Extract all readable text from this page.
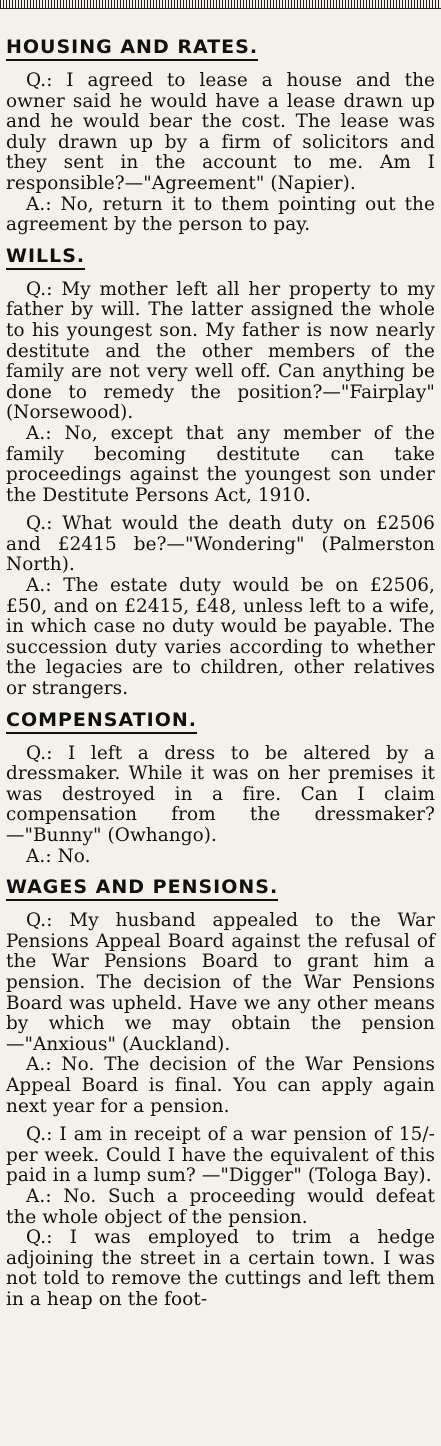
HOUSING AND RATES.

Q.: I agreed to lease a house and the owner said he would have a lease drawn up and he would bear the cost. The lease was duly drawn up by a firm of solicitors and they sent in the account to me. Am I responsible?—"Agreement" (Napier).

A.: No, return it to them pointing out the agreement by the person to pay.

WILLS.

Q.: My mother left all her property to my father by will. The latter assigned the whole to his youngest son. My father is now nearly destitute and the other members of the family are not very well off. Can anything be done to remedy the position?—"Fairplay" (Norsewood).

A.: No, except that any member of the family becoming destitute can take proceedings against the youngest son under the Destitute Persons Act, 1910.

Q.: What would the death duty on £2506 and £2415 be?—"Wondering" (Palmerston North).

A.: The estate duty would be on £2506, £50, and on £2415, £48, unless left to a wife, in which case no duty would be payable. The succession duty varies according to whether the legacies are to children, other relatives or strangers.

COMPENSATION.

Q.: I left a dress to be altered by a dressmaker. While it was on her premises it was destroyed in a fire. Can I claim compensation from the dressmaker?—"Bunny" (Owhango).

A.: No.

WAGES AND PENSIONS.

Q.: My husband appealed to the War Pensions Appeal Board against the refusal of the War Pensions Board to grant him a pension. The decision of the War Pensions Board was upheld. Have we any other means by which we may obtain the pension —"Anxious" (Auckland).

A.: No. The decision of the War Pensions Appeal Board is final. You can apply again next year for a pension.

Q.: I am in receipt of a war pension of 15/- per week. Could I have the equivalent of this paid in a lump sum? —"Digger" (Tologa Bay).

A.: No. Such a proceeding would defeat the whole object of the pension.

Q.: I was employed to trim a hedge adjoining the street in a certain town. I was not told to remove the cuttings and left them in a heap on the foot-
